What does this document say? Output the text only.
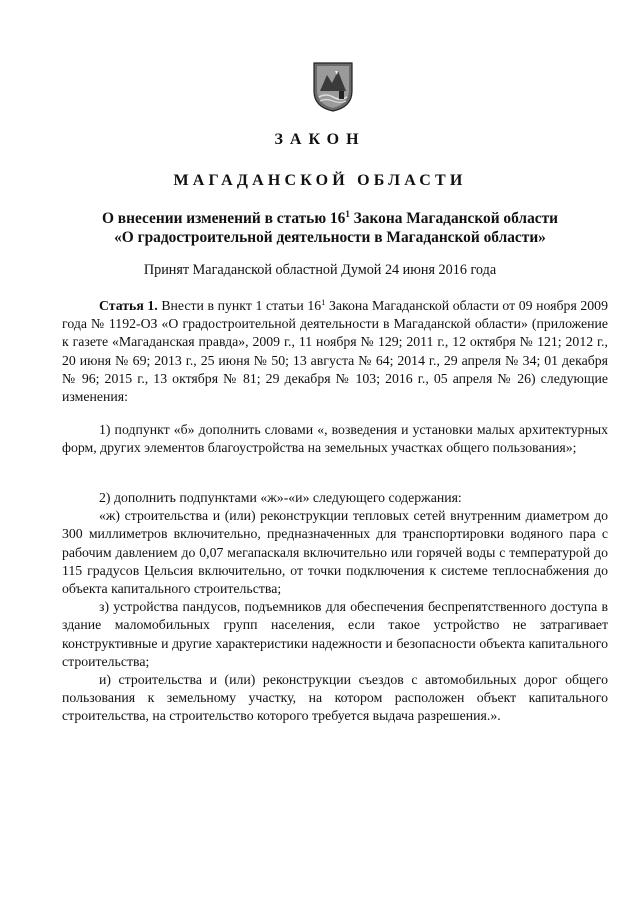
ЗАКОН
МАГАДАНСКОЙ ОБЛАСТИ
О внесении изменений в статью $16^1$ Закона Магаданской области
«О градостроительной деятельности в Магаданской области»
Принят Магаданской областной Думой 24 июня 2016 года

Статья 1. Внести в пункт 1 статьи $16^1$ Закона Магаданской области от 09 ноября 2009 года № 1192-ОЗ «О градостроительной деятельности в Магаданской области» (приложение к газете «Магаданская правда», 2009 г., 11 ноября № 129; 2011 г., 12 октября № 121; 2012 г., 20 июня № 69; 2013 г., 25 июня № 50; 13 августа № 64; 2014 г., 29 апреля № 34; 01 декабря № 96; 2015 г., 13 октября № 81; 29 декабря № 103; 2016 г., 05 апреля № 26) следующие изменения:

1) подпункт «б» дополнить словами «, возведения и установки малых архитектурных форм, других элементов благоустройства на земельных участках общего пользования»;

2) дополнить подпунктами «ж»-«и» следующего содержания:

«ж) строительства и (или) реконструкции тепловых сетей внутренним диаметром до 300 миллиметров включительно, предназначенных для транспортировки водяного пара с рабочим давлением до 0,07 мегапаскаля включительно или горячей воды с температурой до 115 градусов Цельсия включительно, от точки подключения к системе теплоснабжения до объекта капитального строительства;

з) устройства пандусов, подъемников для обеспечения беспрепятственного доступа в здание маломобильных групп населения, если такое устройство не затрагивает конструктивные и другие характеристики надежности и безопасности объекта капитального строительства;

и) строительства и (или) реконструкции съездов с автомобильных дорог общего пользования к земельному участку, на котором расположен объект капитального строительства, на строительство которого требуется выдача разрешения.».
